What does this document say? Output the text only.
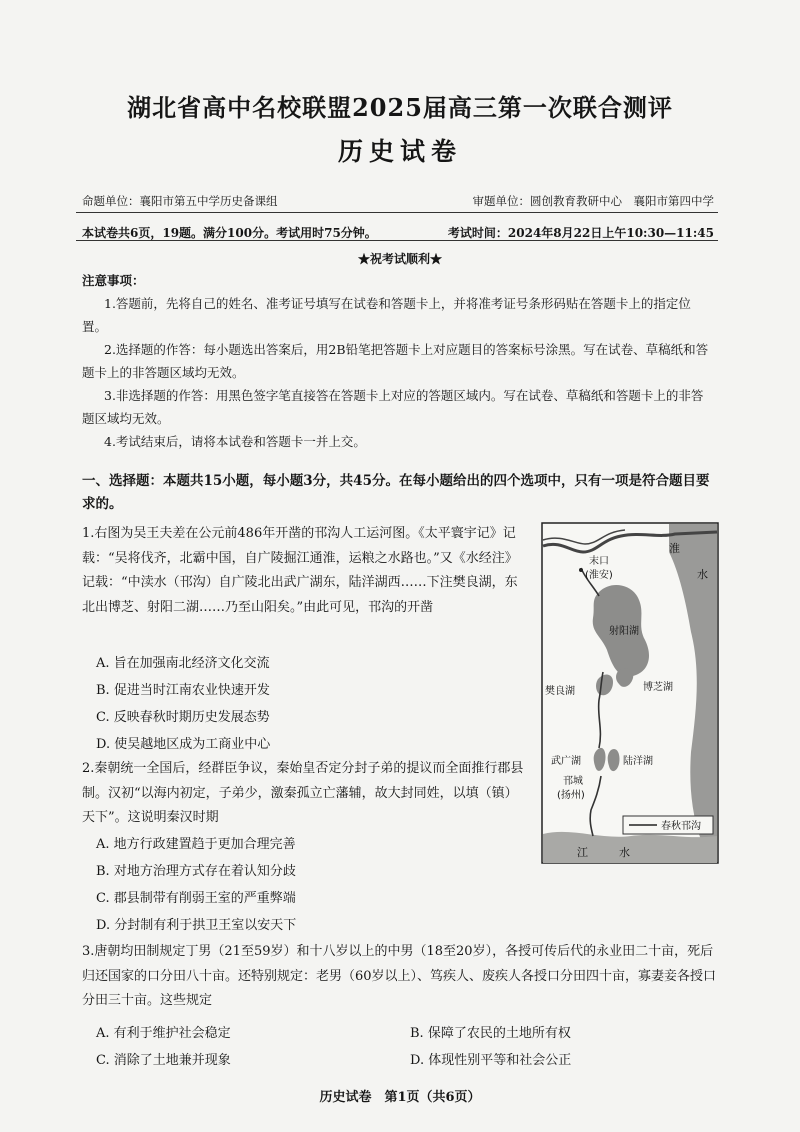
湖北省高中名校联盟2025届高三第一次联合测评
历史试卷
命题单位：襄阳市第五中学历史备课组	审题单位：圆创教育教研中心　襄阳市第四中学
本试卷共6页，19题。满分100分。考试用时75分钟。	考试时间：2024年8月22日上午10:30—11:45
★祝考试顺利★
注意事项：
1.答题前，先将自己的姓名、准考证号填写在试卷和答题卡上，并将准考证号条形码贴在答题卡上的指定位置。
2.选择题的作答：每小题选出答案后，用2B铅笔把答题卡上对应题目的答案标号涂黑。写在试卷、草稿纸和答题卡上的非答题区域均无效。
3.非选择题的作答：用黑色签字笔直接答在答题卡上对应的答题区域内。写在试卷、草稿纸和答题卡上的非答题区域均无效。
4.考试结束后，请将本试卷和答题卡一并上交。
一、选择题：本题共15小题，每小题3分，共45分。在每小题给出的四个选项中，只有一项是符合题目要求的。
1.右图为吴王夫差在公元前486年开凿的邗沟人工运河图。《太平寰宇记》记载：“吴将伐齐，北霸中国，自广陵掘江通淮，运粮之水路也。”又《水经注》记载：“中渎水（邗沟）自广陵北出武广湖东，陆洋湖西……下注樊良湖，东北出博芝、射阳二湖……乃至山阳矣。”由此可见，邗沟的开凿
A. 旨在加强南北经济文化交流
B. 促进当时江南农业快速开发
C. 反映春秋时期历史发展态势
D. 使吴越地区成为工商业中心
2.秦朝统一全国后，经群臣争议，秦始皇否定分封子弟的提议而全面推行郡县制。汉初“以海内初定，子弟少，激秦孤立亡藩辅，故大封同姓，以填（镇）天下”。这说明秦汉时期
A. 地方行政建置趋于更加合理完善
B. 对地方治理方式存在着认知分歧
C. 郡县制带有削弱王室的严重弊端
D. 分封制有利于拱卫王室以安天下
3.唐朝均田制规定丁男（21至59岁）和十八岁以上的中男（18至20岁），各授可传后代的永业田二十亩，死后归还国家的口分田八十亩。还特别规定：老男（60岁以上）、笃疾人、废疾人各授口分田四十亩，寡妻妾各授口分田三十亩。这些规定
A. 有利于维护社会稳定	B. 保障了农民的土地所有权
C. 消除了土地兼并现象	D. 体现性别平等和社会公正
淮
水
末口
(淮安)
射阳湖
樊良湖	博芝湖
武广湖	陆洋湖
邗城
(扬州)
江	水
春秋邗沟
历史试卷　第1页（共6页）
